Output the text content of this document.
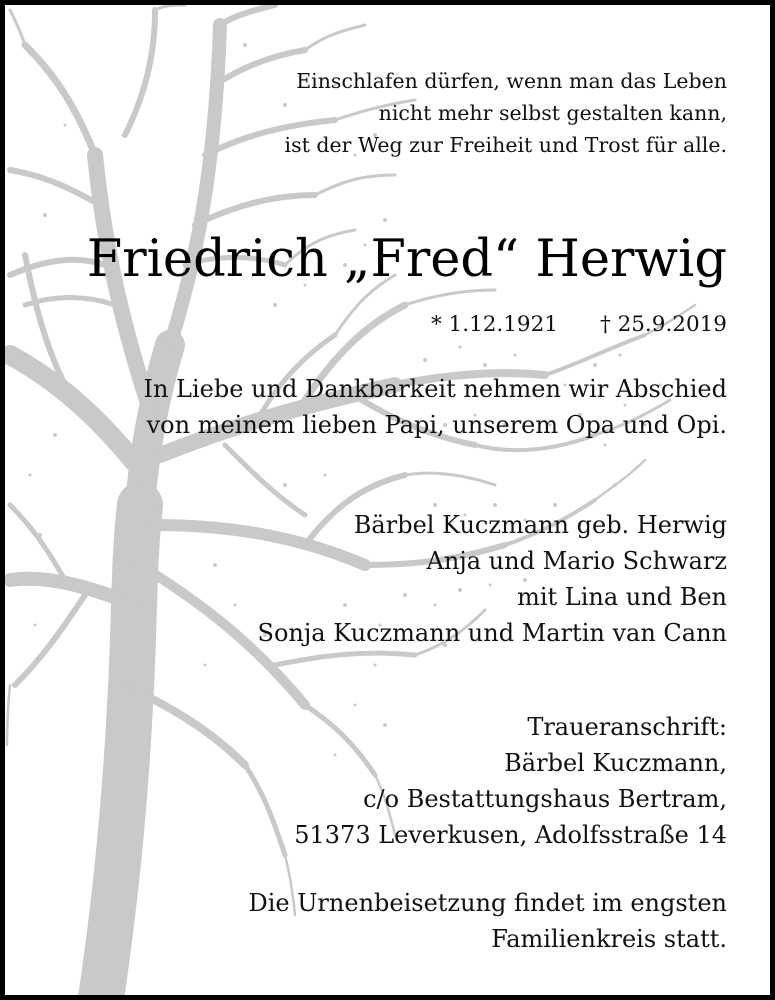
Einschlafen dürfen, wenn man das Leben
nicht mehr selbst gestalten kann,
ist der Weg zur Freiheit und Trost für alle.
Friedrich „Fred“ Herwig
* 1.12.1921 † 25.9.2019
In Liebe und Dankbarkeit nehmen wir Abschied
von meinem lieben Papi, unserem Opa und Opi.
Bärbel Kuczmann geb. Herwig
Anja und Mario Schwarz
mit Lina und Ben
Sonja Kuczmann und Martin van Cann
Traueranschrift:
Bärbel Kuczmann,
c/o Bestattungshaus Bertram,
51373 Leverkusen, Adolfsstraße 14
Die Urnenbeisetzung findet im engsten
Familienkreis statt.
